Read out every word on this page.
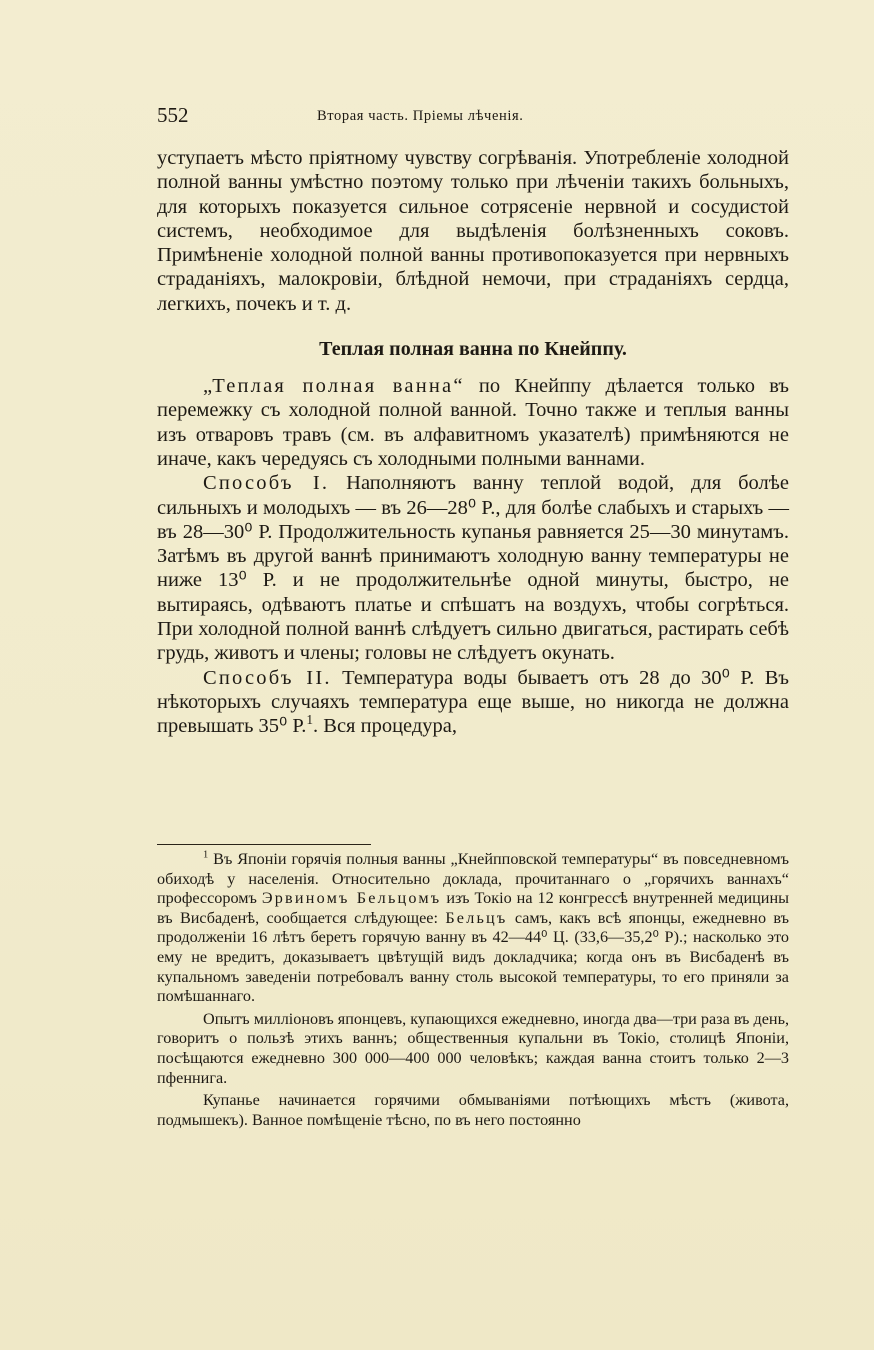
552	Вторая часть. Пріемы лѣченія.

уступаетъ мѣсто пріятному чувству согрѣванія. Употребленіе холодной полной ванны умѣстно поэтому только при лѣченіи такихъ больныхъ, для которыхъ показуется сильное сотрясеніе нервной и сосудистой системъ, необходимое для выдѣленія болѣзненныхъ соковъ. Примѣненіе холодной полной ванны противопоказуется при нервныхъ страданіяхъ, малокровіи, блѣдной немочи, при страданіяхъ сердца, легкихъ, почекъ и т. д.

Теплая полная ванна по Кнейппу.

„Теплая полная ванна“ по Кнейппу дѣлается только въ перемежку съ холодной полной ванной. Точно также и теплыя ванны изъ отваровъ травъ (см. въ алфавитномъ указателѣ) примѣняются не иначе, какъ чередуясь съ холодными полными ваннами.

Способъ I. Наполняютъ ванну теплой водой, для болѣе сильныхъ и молодыхъ — въ 26—28⁰ Р., для болѣе слабыхъ и старыхъ — въ 28—30⁰ Р. Продолжительность купанья равняется 25—30 минутамъ. Затѣмъ въ другой ваннѣ принимаютъ холодную ванну температуры не ниже 13⁰ Р. и не продолжительнѣе одной минуты, быстро, не вытираясь, одѣваютъ платье и спѣшатъ на воздухъ, чтобы согрѣться. При холодной полной ваннѣ слѣдуетъ сильно двигаться, растирать себѣ грудь, животъ и члены; головы не слѣдуетъ окунать.

Способъ II. Температура воды бываетъ отъ 28 до 30⁰ Р. Въ нѣкоторыхъ случаяхъ температура еще выше, но никогда не должна превышать 35⁰ Р.$^1$. Вся процедура,

$^1$ Въ Японіи горячія полныя ванны „Кнейпповской температуры“ въ повседневномъ обиходѣ у населенія. Относительно доклада, прочитаннаго о „горячихъ ваннахъ“ профессоромъ Эрвиномъ Бельцомъ изъ Токіо на 12 конгрессѣ внутренней медицины въ Висбаденѣ, сообщается слѣдующее: Бельцъ самъ, какъ всѣ японцы, ежедневно въ продолженіи 16 лѣтъ беретъ горячую ванну въ 42—44⁰ Ц. (33,6—35,2⁰ Р).; насколько это ему не вредитъ, доказываетъ цвѣтущій видъ докладчика; когда онъ въ Висбаденѣ въ купальномъ заведеніи потребовалъ ванну столь высокой температуры, то его приняли за помѣшаннаго.

Опытъ милліоновъ японцевъ, купающихся ежедневно, иногда два—три раза въ день, говоритъ о пользѣ этихъ ваннъ; общественныя купальни въ Токіо, столицѣ Японіи, посѣщаются ежедневно 300 000—400 000 человѣкъ; каждая ванна стоитъ только 2—3 пфеннига.

Купанье начинается горячими обмываніями потѣющихъ мѣстъ (живота, подмышекъ). Ванное помѣщеніе тѣсно, по въ него постоянно
